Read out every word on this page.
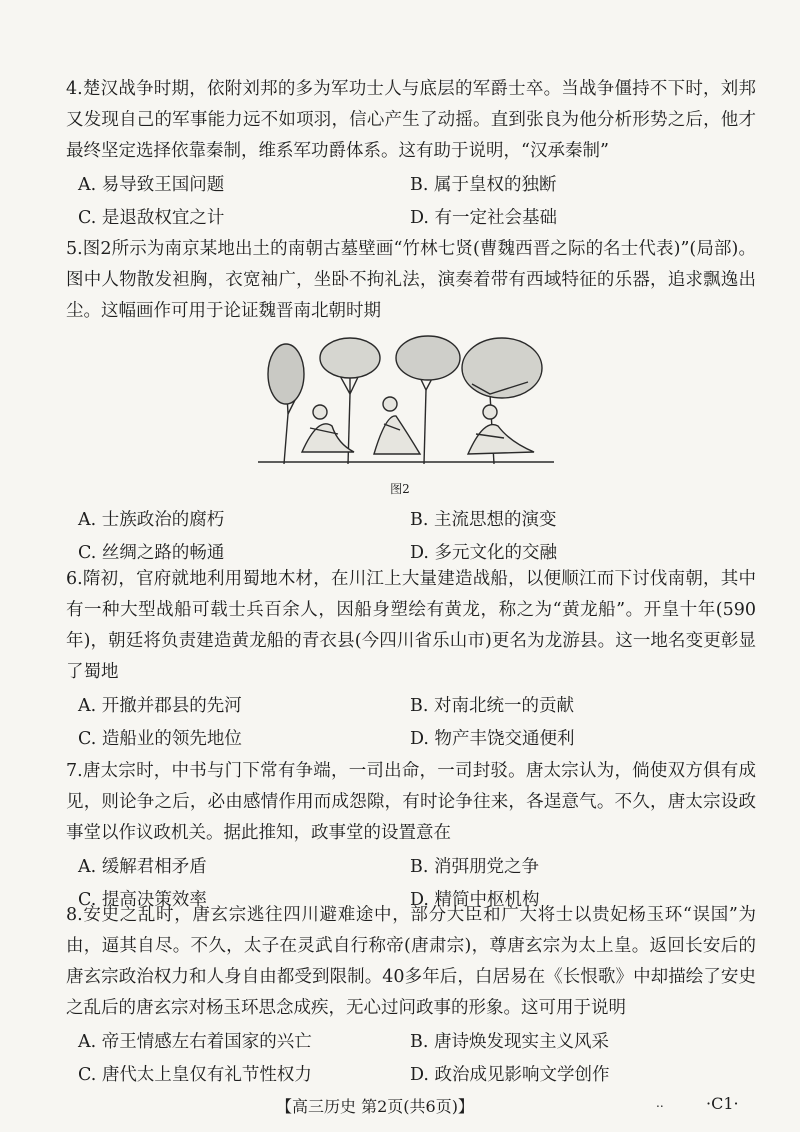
4.楚汉战争时期，依附刘邦的多为军功士人与底层的军爵士卒。当战争僵持不下时，刘邦又发现自己的军事能力远不如项羽，信心产生了动摇。直到张良为他分析形势之后，他才最终坚定选择依靠秦制，维系军功爵体系。这有助于说明，“汉承秦制”

A. 易导致王国问题	B. 属于皇权的独断
C. 是退敌权宜之计	D. 有一定社会基础

5.图2所示为南京某地出土的南朝古墓壁画“竹林七贤(曹魏西晋之际的名士代表)”(局部)。图中人物散发袒胸，衣宽袖广，坐卧不拘礼法，演奏着带有西域特征的乐器，追求飘逸出尘。这幅画作可用于论证魏晋南北朝时期

图2
A. 士族政治的腐朽	B. 主流思想的演变
C. 丝绸之路的畅通	D. 多元文化的交融

6.隋初，官府就地利用蜀地木材，在川江上大量建造战船，以便顺江而下讨伐南朝，其中有一种大型战船可载士兵百余人，因船身塑绘有黄龙，称之为“黄龙船”。开皇十年(590年)，朝廷将负责建造黄龙船的青衣县(今四川省乐山市)更名为龙游县。这一地名变更彰显了蜀地

A. 开撤并郡县的先河	B. 对南北统一的贡献
C. 造船业的领先地位	D. 物产丰饶交通便利

7.唐太宗时，中书与门下常有争端，一司出命，一司封驳。唐太宗认为，倘使双方俱有成见，则论争之后，必由感情作用而成怨隙，有时论争往来，各逞意气。不久，唐太宗设政事堂以作议政机关。据此推知，政事堂的设置意在

A. 缓解君相矛盾	B. 消弭朋党之争
C. 提高决策效率	D. 精简中枢机构

8.安史之乱时，唐玄宗逃往四川避难途中，部分大臣和广大将士以贵妃杨玉环“误国”为由，逼其自尽。不久，太子在灵武自行称帝(唐肃宗)，尊唐玄宗为太上皇。返回长安后的唐玄宗政治权力和人身自由都受到限制。40多年后，白居易在《长恨歌》中却描绘了安史之乱后的唐玄宗对杨玉环思念成疾，无心过问政事的形象。这可用于说明

A. 帝王情感左右着国家的兴亡	B. 唐诗焕发现实主义风采
C. 唐代太上皇仅有礼节性权力	D. 政治成见影响文学创作
【高三历史 第2页(共6页)】	..	·C1·
